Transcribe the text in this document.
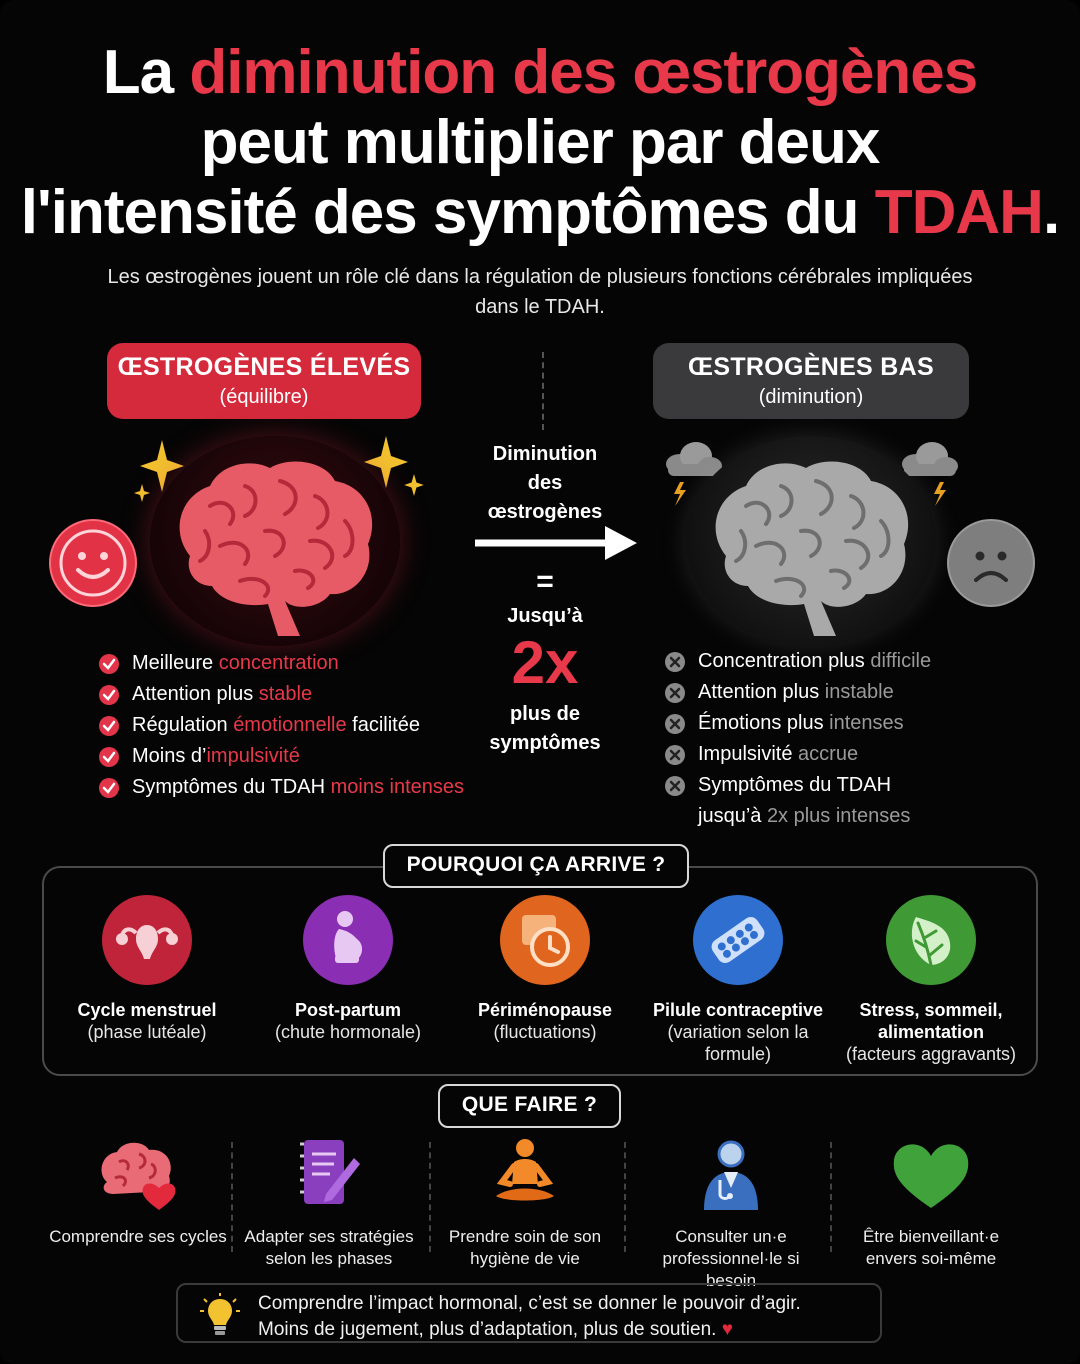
La diminution des œstrogènes
peut multiplier par deux
l'intensité des symptômes du TDAH.
Les œstrogènes jouent un rôle clé dans la régulation de plusieurs fonctions cérébrales impliquées dans le TDAH.
ŒSTROGÈNES ÉLEVÉS
(équilibre)
ŒSTROGÈNES BAS
(diminution)
Diminution
des
œstrogènes
=
Jusqu’à
2x
plus de
symptômes
Meilleure concentration
Attention plus stable
Régulation émotionnelle facilitée
Moins d’impulsivité
Symptômes du TDAH moins intenses
Concentration plus difficile
Attention plus instable
Émotions plus intenses
Impulsivité accrue
Symptômes du TDAH
jusqu’à 2x plus intenses
POURQUOI ÇA ARRIVE ?
Cycle menstruel
(phase lutéale)
Post-partum
(chute hormonale)
Périménopause
(fluctuations)
Pilule contraceptive
(variation selon la formule)
Stress, sommeil, alimentation
(facteurs aggravants)
QUE FAIRE ?
Comprendre ses cycles	Adapter ses stratégies selon les phases
Prendre soin de son hygiène de vie
Consulter un·e professionnel·le si besoin
Être bienveillant·e envers soi-même
Comprendre l’impact hormonal, c’est se donner le pouvoir d’agir.
Moins de jugement, plus d’adaptation, plus de soutien. ♥
